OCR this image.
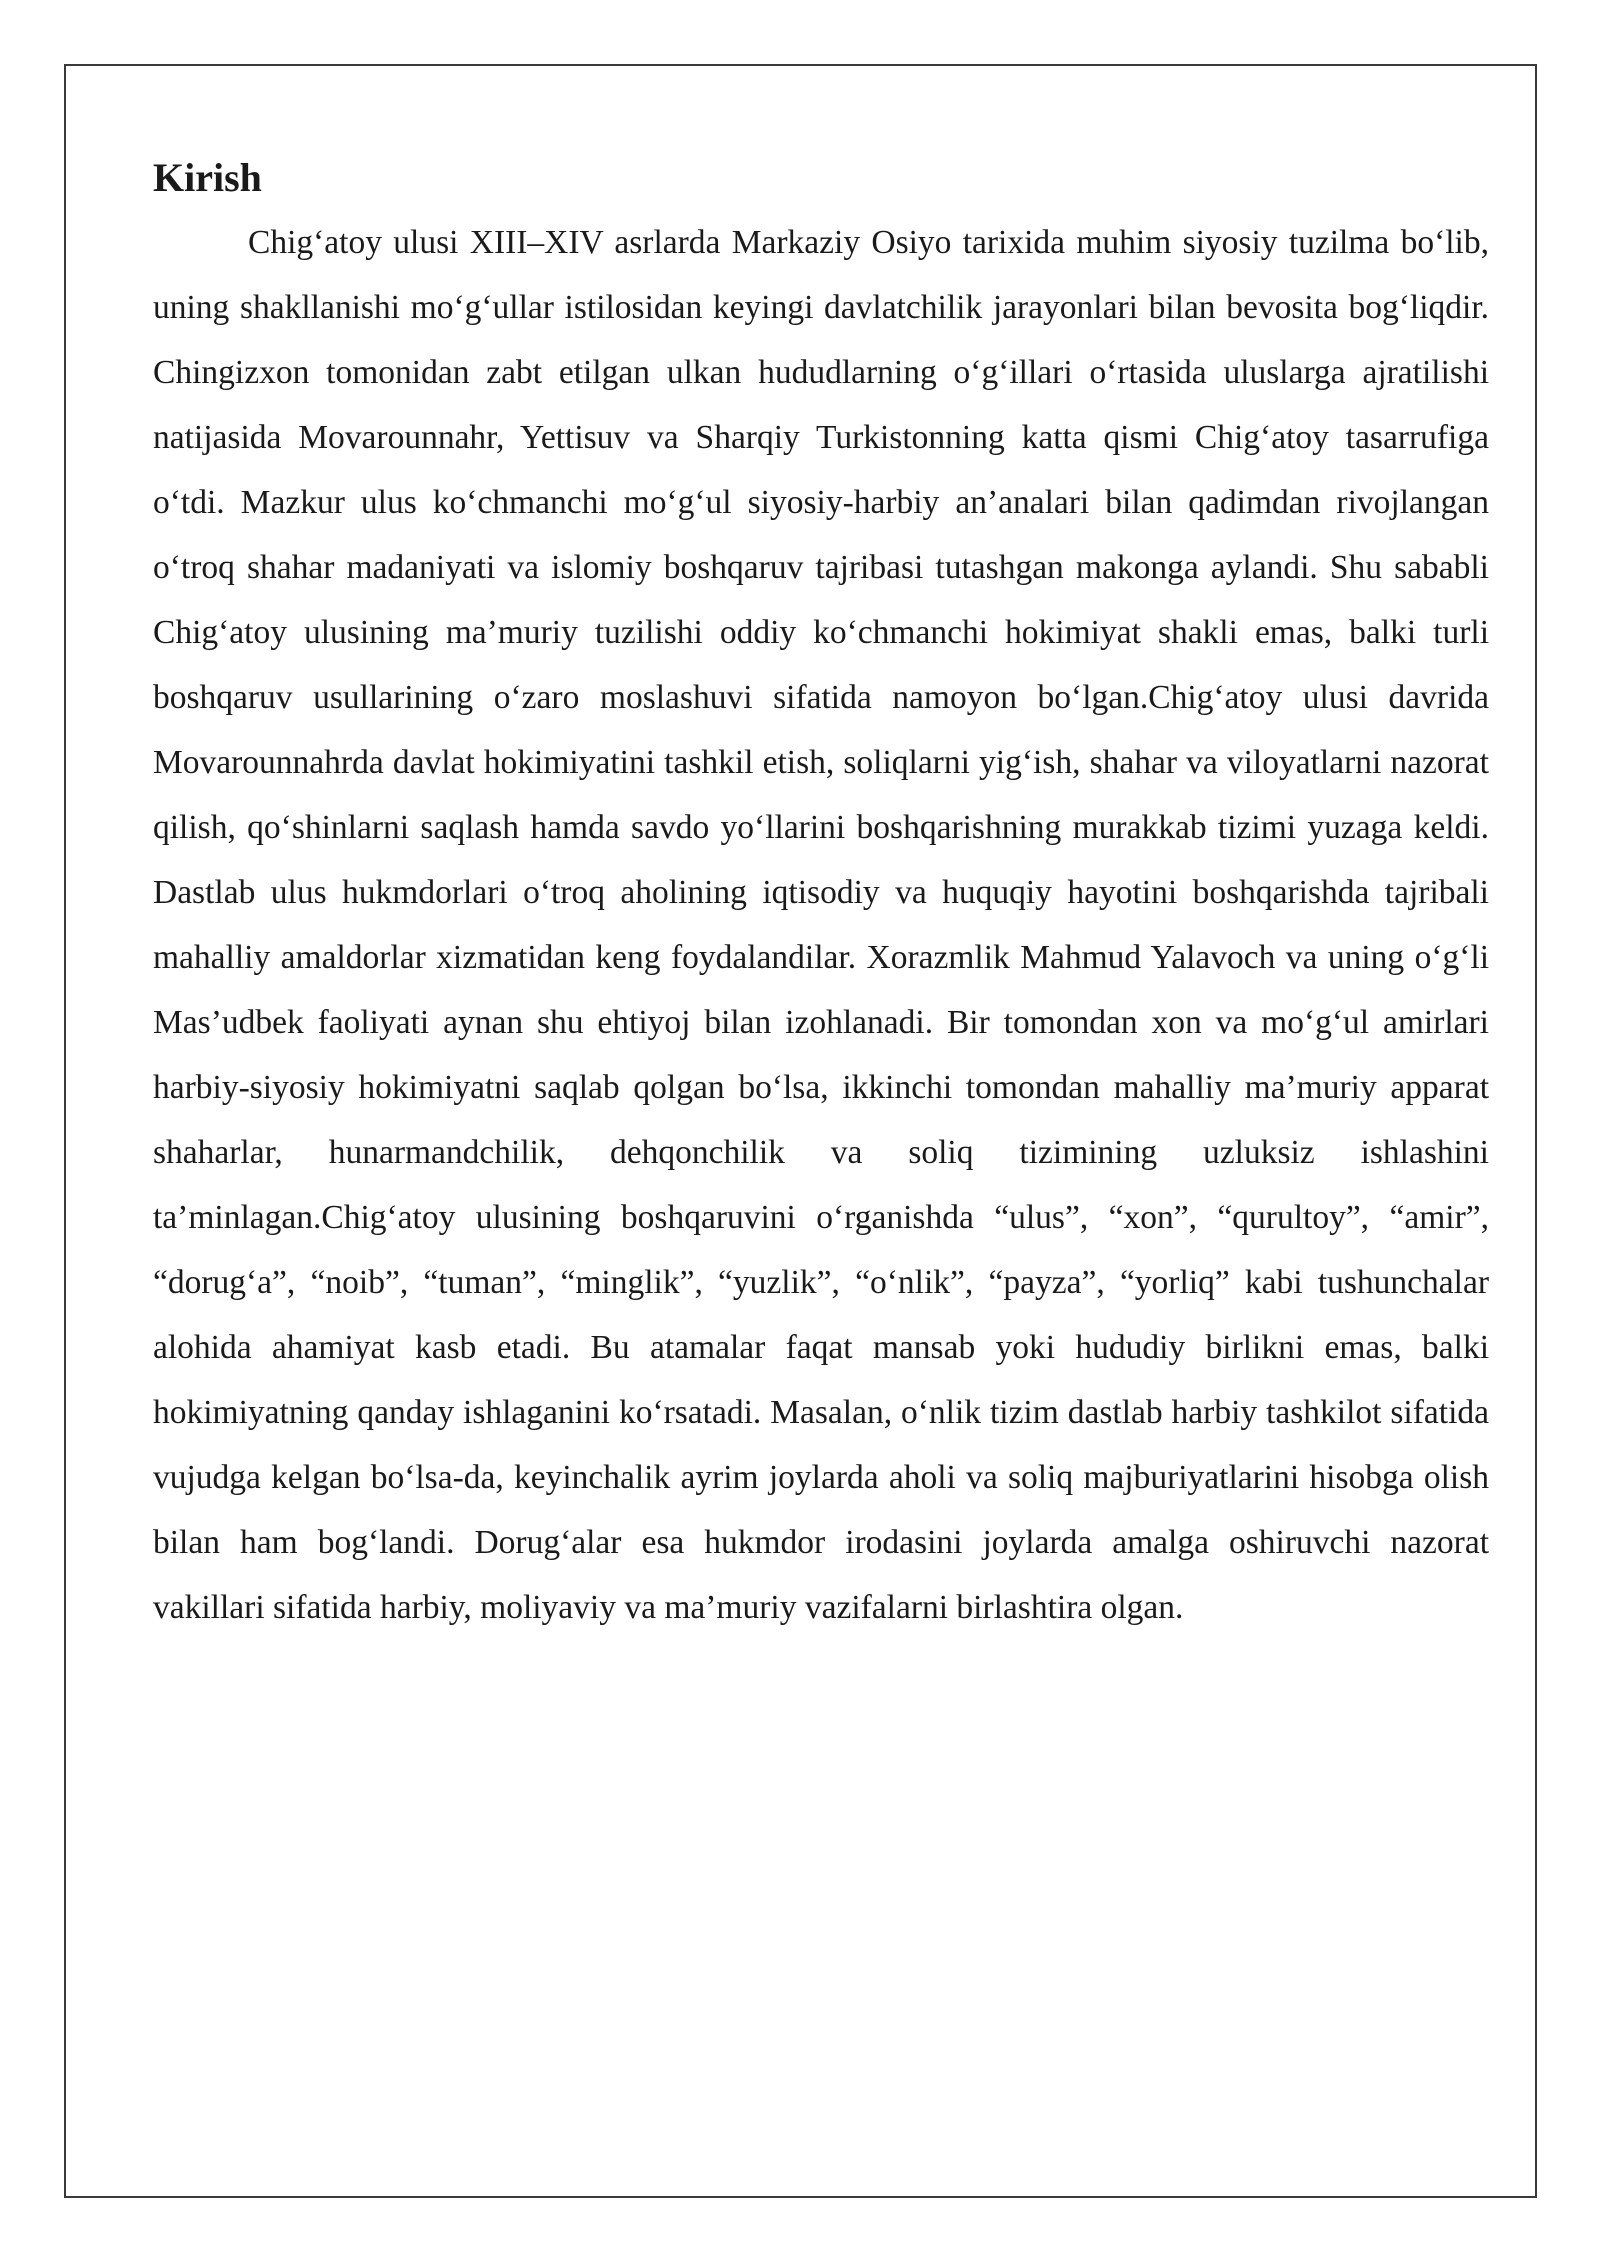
Kirish

Chig‘atoy ulusi XIII–XIV asrlarda Markaziy Osiyo tarixida muhim siyosiy tuzilma bo‘lib, uning shakllanishi mo‘g‘ullar istilosidan keyingi davlatchilik jarayonlari bilan bevosita bog‘liqdir. Chingizxon tomonidan zabt etilgan ulkan hududlarning o‘g‘illari o‘rtasida uluslarga ajratilishi natijasida Movarounnahr, Yettisuv va Sharqiy Turkistonning katta qismi Chig‘atoy tasarrufiga o‘tdi. Mazkur ulus ko‘chmanchi mo‘g‘ul siyosiy-harbiy an’analari bilan qadimdan rivojlangan o‘troq shahar madaniyati va islomiy boshqaruv tajribasi tutashgan makonga aylandi. Shu sababli Chig‘atoy ulusining ma’muriy tuzilishi oddiy ko‘chmanchi hokimiyat shakli emas, balki turli boshqaruv usullarining o‘zaro moslashuvi sifatida namoyon bo‘lgan.Chig‘atoy ulusi davrida Movarounnahrda davlat hokimiyatini tashkil etish, soliqlarni yig‘ish, shahar va viloyatlarni nazorat qilish, qo‘shinlarni saqlash hamda savdo yo‘llarini boshqarishning murakkab tizimi yuzaga keldi. Dastlab ulus hukmdorlari o‘troq aholining iqtisodiy va huquqiy hayotini boshqarishda tajribali mahalliy amaldorlar xizmatidan keng foydalandilar. Xorazmlik Mahmud Yalavoch va uning o‘g‘li Mas’udbek faoliyati aynan shu ehtiyoj bilan izohlanadi. Bir tomondan xon va mo‘g‘ul amirlari harbiy-siyosiy hokimiyatni saqlab qolgan bo‘lsa, ikkinchi tomondan mahalliy ma’muriy apparat shaharlar, hunarmandchilik, dehqonchilik va soliq tizimining uzluksiz ishlashini ta’minlagan.Chig‘atoy ulusining boshqaruvini o‘rganishda “ulus”, “xon”, “qurultoy”, “amir”, “dorug‘a”, “noib”, “tuman”, “minglik”, “yuzlik”, “o‘nlik”, “payza”, “yorliq” kabi tushunchalar alohida ahamiyat kasb etadi. Bu atamalar faqat mansab yoki hududiy birlikni emas, balki hokimiyatning qanday ishlaganini ko‘rsatadi. Masalan, o‘nlik tizim dastlab harbiy tashkilot sifatida vujudga kelgan bo‘lsa-da, keyinchalik ayrim joylarda aholi va soliq majburiyatlarini hisobga olish bilan ham bog‘landi. Dorug‘alar esa hukmdor irodasini joylarda amalga oshiruvchi nazorat vakillari sifatida harbiy, moliyaviy va ma’muriy vazifalarni birlashtira olgan.
